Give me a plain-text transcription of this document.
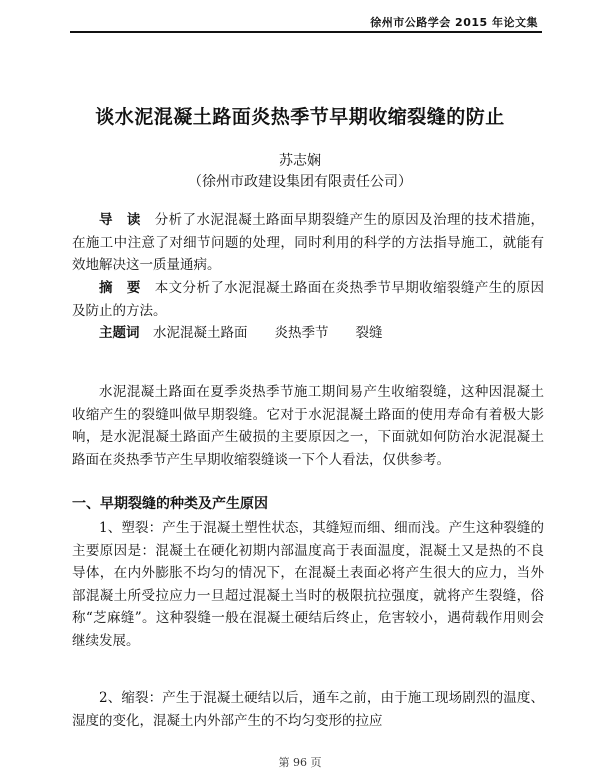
徐州市公路学会 2015 年论文集
谈水泥混凝土路面炎热季节早期收缩裂缝的防止
苏志娴
（徐州市政建设集团有限责任公司）

导　读　 分析了水泥混凝土路面早期裂缝产生的原因及治理的技术措施，在施工中注意了对细节问题的处理，同时利用的科学的方法指导施工，就能有效地解决这一质量通病。

摘　要　 本文分析了水泥混凝土路面在炎热季节早期收缩裂缝产生的原因及防止的方法。

主题词　 水泥混凝土路面　　炎热季节　　裂缝

水泥混凝土路面在夏季炎热季节施工期间易产生收缩裂缝，这种因混凝土收缩产生的裂缝叫做早期裂缝。它对于水泥混凝土路面的使用寿命有着极大影响，是水泥混凝土路面产生破损的主要原因之一，下面就如何防治水泥混凝土路面在炎热季节产生早期收缩裂缝谈一下个人看法，仅供参考。

一、早期裂缝的种类及产生原因

1、塑裂：产生于混凝土塑性状态，其缝短而细、细而浅。产生这种裂缝的主要原因是：混凝土在硬化初期内部温度高于表面温度，混凝土又是热的不良导体，在内外膨胀不均匀的情况下，在混凝土表面必将产生很大的应力，当外部混凝土所受拉应力一旦超过混凝土当时的极限抗拉强度，就将产生裂缝，俗称“芝麻缝”。这种裂缝一般在混凝土硬结后终止，危害较小，遇荷载作用则会继续发展。

2、缩裂：产生于混凝土硬结以后，通车之前，由于施工现场剧烈的温度、湿度的变化，混凝土内外部产生的不均匀变形的拉应

第 96 页
